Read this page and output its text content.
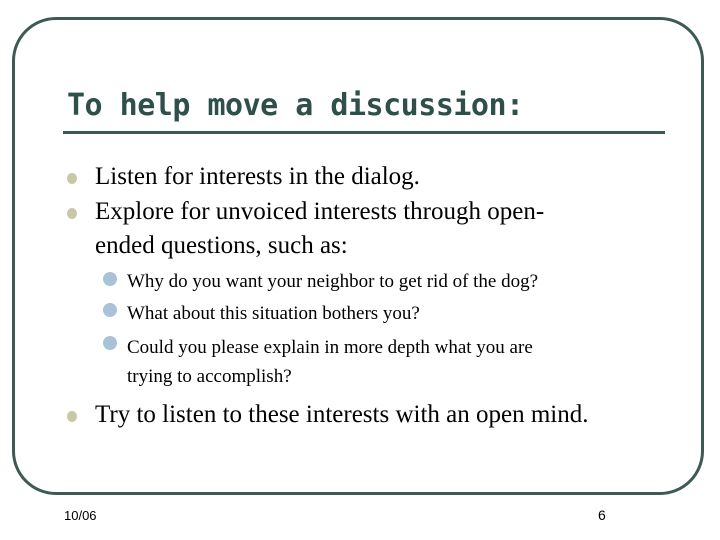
To help move a discussion:
Listen for interests in the dialog.
Explore for unvoiced interests through open-
ended questions, such as:
Why do you want your neighbor to get rid of the dog?
What about this situation bothers you?
Could you please explain in more depth what you are
trying to accomplish?
Try to listen to these interests with an open mind.
10/06	6
